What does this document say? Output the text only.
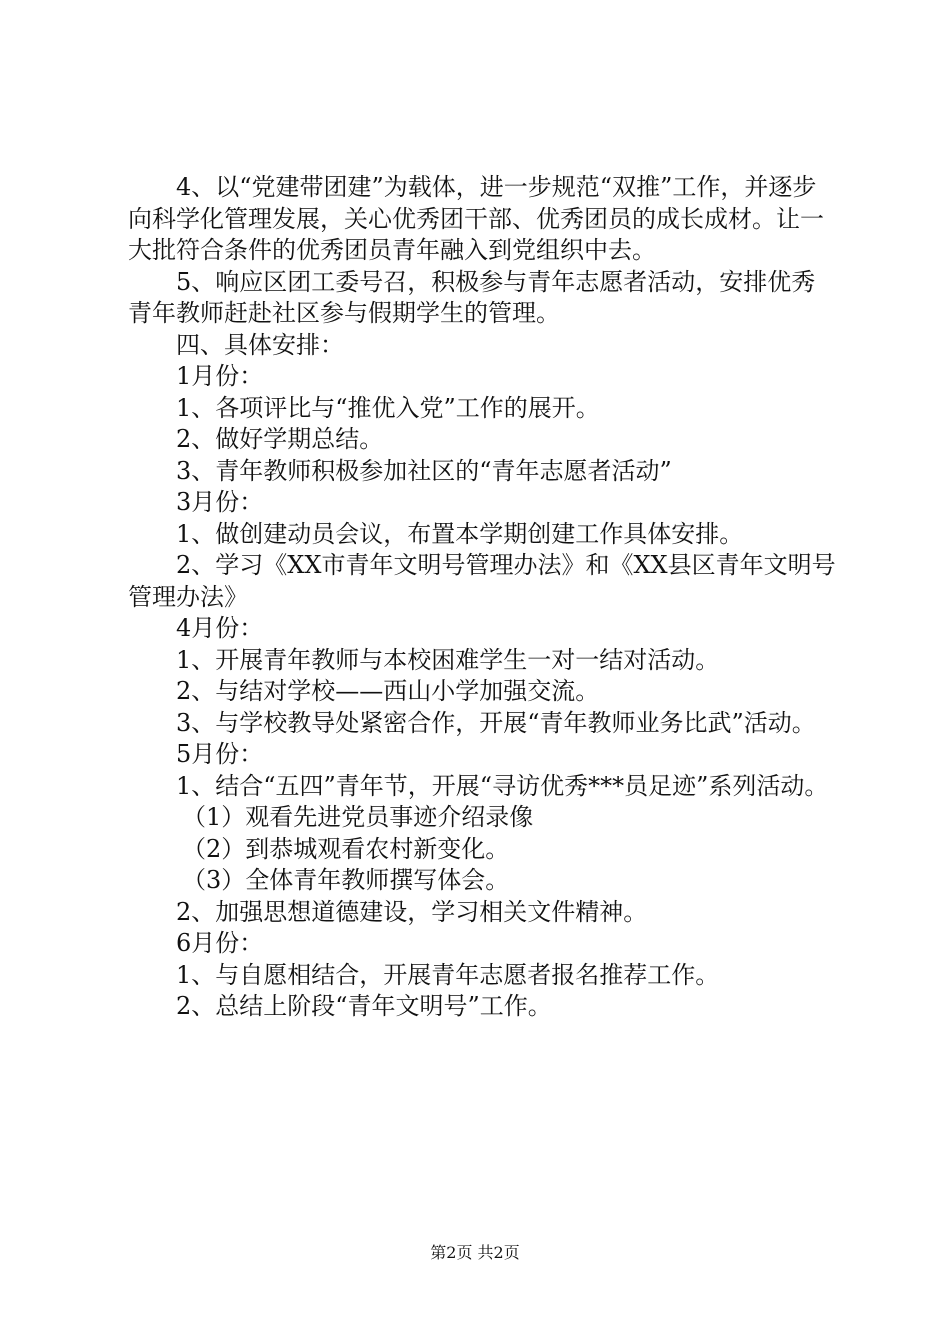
4、以“党建带团建”为载体，进一步规范“双推”工作，并逐步向科学化管理发展，关心优秀团干部、优秀团员的成长成材。让一大批符合条件的优秀团员青年融入到党组织中去。

5、响应区团工委号召，积极参与青年志愿者活动，安排优秀青年教师赶赴社区参与假期学生的管理。

四、具体安排：

1月份：

1、各项评比与“推优入党”工作的展开。

2、做好学期总结。

3、青年教师积极参加社区的“青年志愿者活动”

3月份：

1、做创建动员会议，布置本学期创建工作具体安排。

2、学习《XX市青年文明号管理办法》和《XX县区青年文明号管理办法》

4月份：

1、开展青年教师与本校困难学生一对一结对活动。

2、与结对学校——西山小学加强交流。

3、与学校教导处紧密合作，开展“青年教师业务比武”活动。

5月份：

1、结合“五四”青年节，开展“寻访优秀***员足迹”系列活动。

（1）观看先进党员事迹介绍录像

（2）到恭城观看农村新变化。

（3）全体青年教师撰写体会。

2、加强思想道德建设，学习相关文件精神。

6月份：

1、与自愿相结合，开展青年志愿者报名推荐工作。

2、总结上阶段“青年文明号”工作。

第2页 共2页
